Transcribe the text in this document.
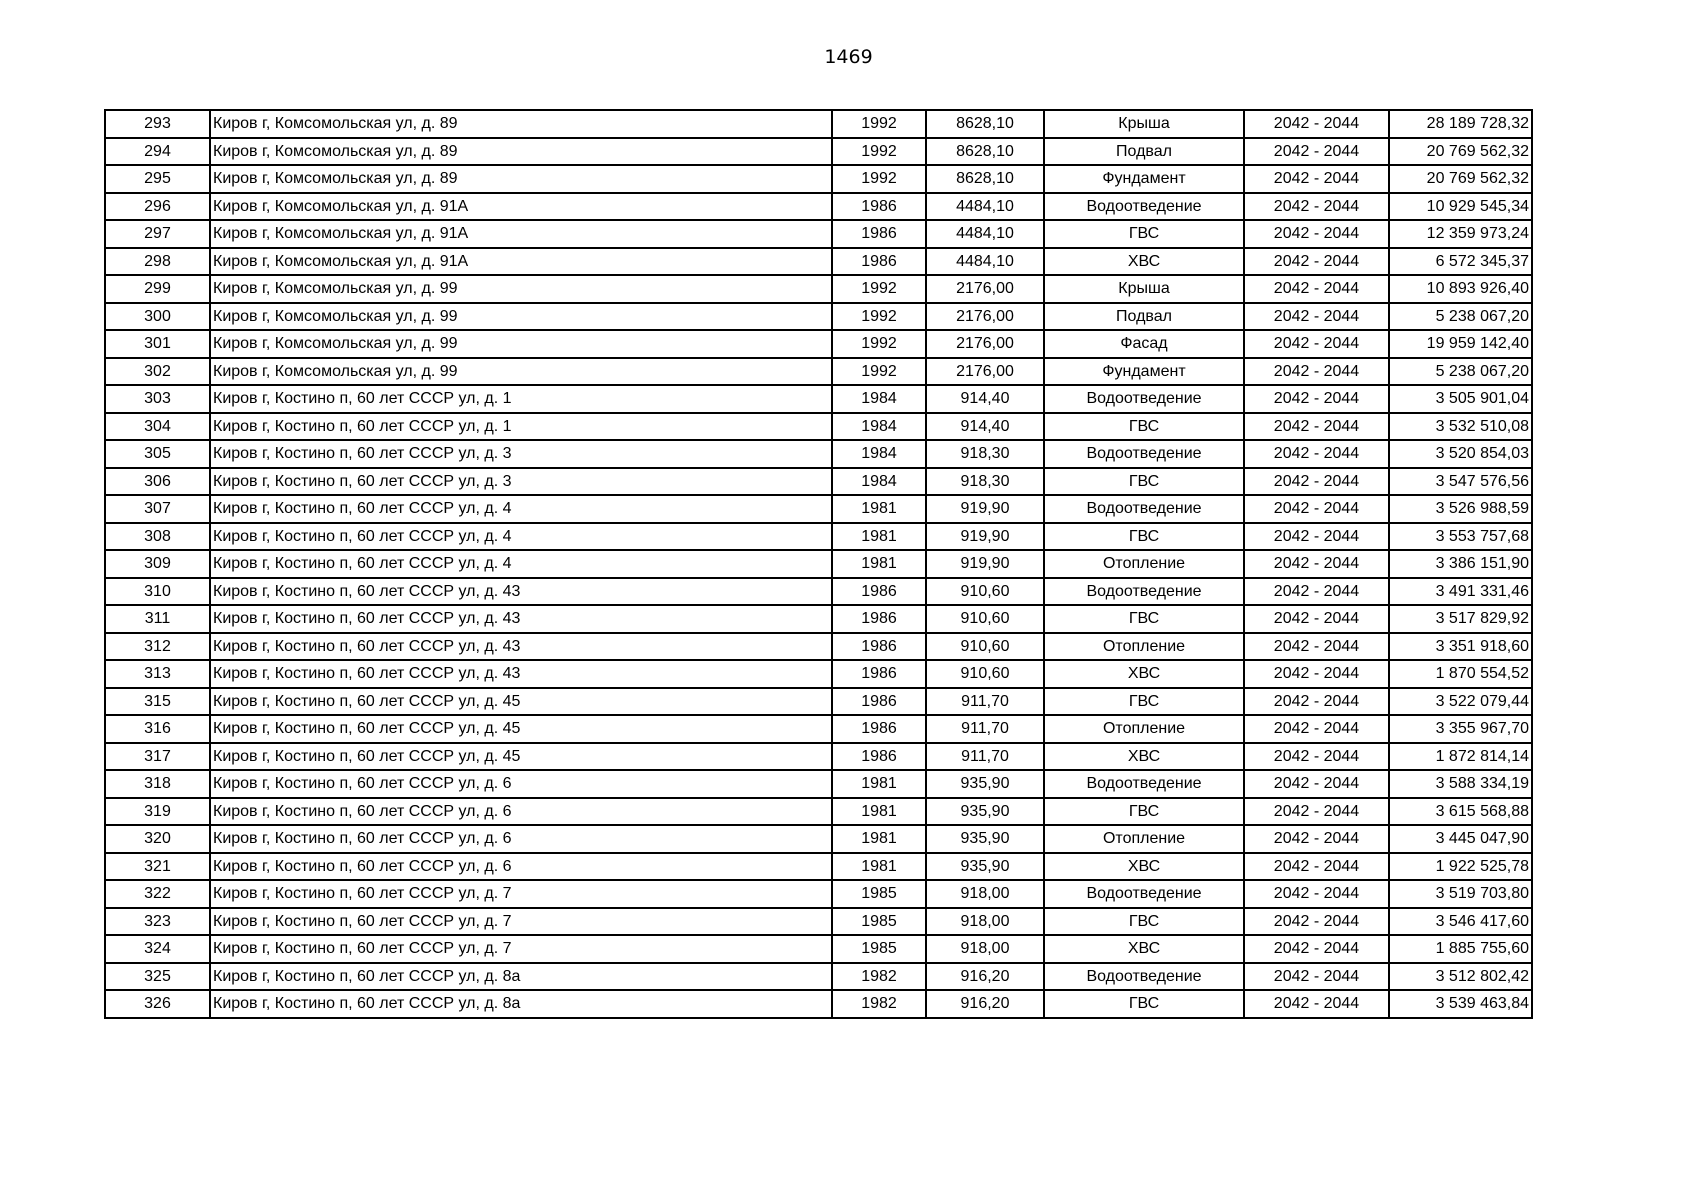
1469
293	Киров г, Комсомольская ул, д. 89	1992	8628,10	Крыша	2042 - 2044	28 189 728,32
294	Киров г, Комсомольская ул, д. 89	1992	8628,10	Подвал	2042 - 2044	20 769 562,32
295	Киров г, Комсомольская ул, д. 89	1992	8628,10	Фундамент	2042 - 2044	20 769 562,32
296	Киров г, Комсомольская ул, д. 91А	1986	4484,10	Водоотведение	2042 - 2044	10 929 545,34
297	Киров г, Комсомольская ул, д. 91А	1986	4484,10	ГВС	2042 - 2044	12 359 973,24
298	Киров г, Комсомольская ул, д. 91А	1986	4484,10	ХВС	2042 - 2044	6 572 345,37
299	Киров г, Комсомольская ул, д. 99	1992	2176,00	Крыша	2042 - 2044	10 893 926,40
300	Киров г, Комсомольская ул, д. 99	1992	2176,00	Подвал	2042 - 2044	5 238 067,20
301	Киров г, Комсомольская ул, д. 99	1992	2176,00	Фасад	2042 - 2044	19 959 142,40
302	Киров г, Комсомольская ул, д. 99	1992	2176,00	Фундамент	2042 - 2044	5 238 067,20
303	Киров г, Костино п, 60 лет СССР ул, д. 1	1984	914,40	Водоотведение	2042 - 2044	3 505 901,04
304	Киров г, Костино п, 60 лет СССР ул, д. 1	1984	914,40	ГВС	2042 - 2044	3 532 510,08
305	Киров г, Костино п, 60 лет СССР ул, д. 3	1984	918,30	Водоотведение	2042 - 2044	3 520 854,03
306	Киров г, Костино п, 60 лет СССР ул, д. 3	1984	918,30	ГВС	2042 - 2044	3 547 576,56
307	Киров г, Костино п, 60 лет СССР ул, д. 4	1981	919,90	Водоотведение	2042 - 2044	3 526 988,59
308	Киров г, Костино п, 60 лет СССР ул, д. 4	1981	919,90	ГВС	2042 - 2044	3 553 757,68
309	Киров г, Костино п, 60 лет СССР ул, д. 4	1981	919,90	Отопление	2042 - 2044	3 386 151,90
310	Киров г, Костино п, 60 лет СССР ул, д. 43	1986	910,60	Водоотведение	2042 - 2044	3 491 331,46
311	Киров г, Костино п, 60 лет СССР ул, д. 43	1986	910,60	ГВС	2042 - 2044	3 517 829,92
312	Киров г, Костино п, 60 лет СССР ул, д. 43	1986	910,60	Отопление	2042 - 2044	3 351 918,60
313	Киров г, Костино п, 60 лет СССР ул, д. 43	1986	910,60	ХВС	2042 - 2044	1 870 554,52
315	Киров г, Костино п, 60 лет СССР ул, д. 45	1986	911,70	ГВС	2042 - 2044	3 522 079,44
316	Киров г, Костино п, 60 лет СССР ул, д. 45	1986	911,70	Отопление	2042 - 2044	3 355 967,70
317	Киров г, Костино п, 60 лет СССР ул, д. 45	1986	911,70	ХВС	2042 - 2044	1 872 814,14
318	Киров г, Костино п, 60 лет СССР ул, д. 6	1981	935,90	Водоотведение	2042 - 2044	3 588 334,19
319	Киров г, Костино п, 60 лет СССР ул, д. 6	1981	935,90	ГВС	2042 - 2044	3 615 568,88
320	Киров г, Костино п, 60 лет СССР ул, д. 6	1981	935,90	Отопление	2042 - 2044	3 445 047,90
321	Киров г, Костино п, 60 лет СССР ул, д. 6	1981	935,90	ХВС	2042 - 2044	1 922 525,78
322	Киров г, Костино п, 60 лет СССР ул, д. 7	1985	918,00	Водоотведение	2042 - 2044	3 519 703,80
323	Киров г, Костино п, 60 лет СССР ул, д. 7	1985	918,00	ГВС	2042 - 2044	3 546 417,60
324	Киров г, Костино п, 60 лет СССР ул, д. 7	1985	918,00	ХВС	2042 - 2044	1 885 755,60
325	Киров г, Костино п, 60 лет СССР ул, д. 8а	1982	916,20	Водоотведение	2042 - 2044	3 512 802,42
326	Киров г, Костино п, 60 лет СССР ул, д. 8а	1982	916,20	ГВС	2042 - 2044	3 539 463,84
